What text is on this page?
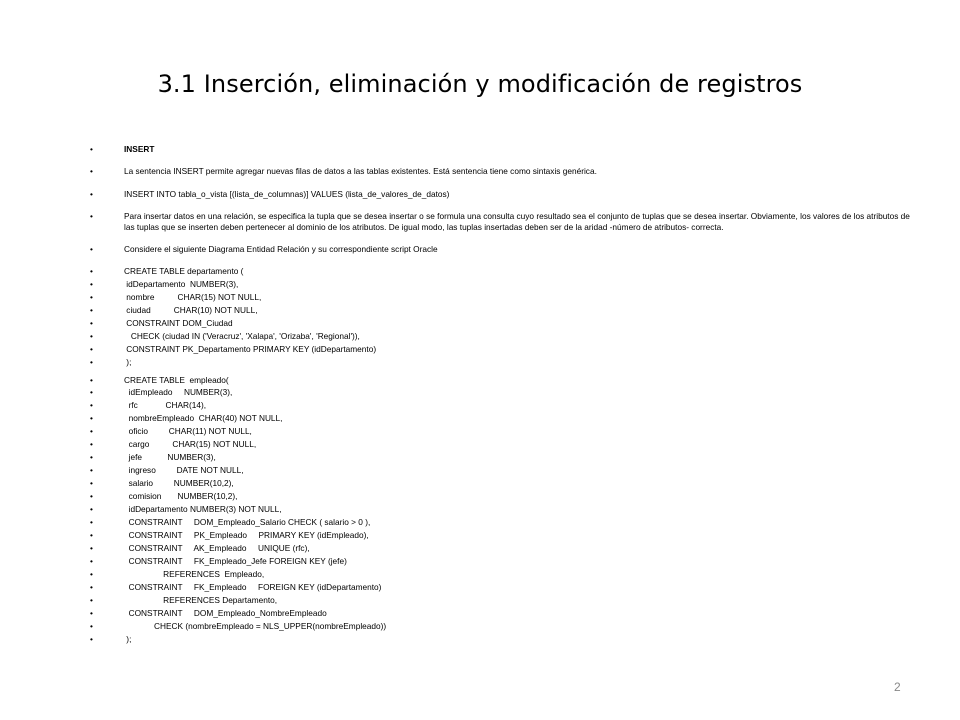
3.1 Inserción, eliminación y modificación de registros
•	INSERT
•	La sentencia INSERT permite agregar nuevas filas de datos a las tablas existentes. Está sentencia tiene como sintaxis genérica.
•	INSERT INTO tabla_o_vista [(lista_de_columnas)] VALUES (lista_de_valores_de_datos)
•	Para insertar datos en una relación, se especifica la tupla que se desea insertar o se formula una consulta cuyo resultado sea el conjunto de tuplas que se desea insertar. Obviamente, los valores de los atributos de las tuplas que se inserten deben pertenecer al dominio de los atributos. De igual modo, las tuplas insertadas deben ser de la aridad -número de atributos- correcta.
•	Considere el siguiente Diagrama Entidad Relación y su correspondiente script Oracle
•	CREATE TABLE departamento (
•	idDepartamento  NUMBER(3),
•	nombre          CHAR(15) NOT NULL,
•	ciudad          CHAR(10) NOT NULL,
•	CONSTRAINT DOM_Ciudad
•	CHECK (ciudad IN ('Veracruz', 'Xalapa', 'Orizaba', 'Regional')),
•	CONSTRAINT PK_Departamento PRIMARY KEY (idDepartamento)
•	);
•	CREATE TABLE  empleado(
•	idEmpleado     NUMBER(3),
•	rfc            CHAR(14),
•	nombreEmpleado  CHAR(40) NOT NULL,
•	oficio         CHAR(11) NOT NULL,
•	cargo          CHAR(15) NOT NULL,
•	jefe           NUMBER(3),
•	ingreso         DATE NOT NULL,
•	salario         NUMBER(10,2),
•	comision       NUMBER(10,2),
•	idDepartamento NUMBER(3) NOT NULL,
•	CONSTRAINT     DOM_Empleado_Salario CHECK ( salario > 0 ),
•	CONSTRAINT     PK_Empleado     PRIMARY KEY (idEmpleado),
•	CONSTRAINT     AK_Empleado     UNIQUE (rfc),
•	CONSTRAINT     FK_Empleado_Jefe FOREIGN KEY (jefe)
•	REFERENCES  Empleado,
•	CONSTRAINT     FK_Empleado     FOREIGN KEY (idDepartamento)
•	REFERENCES Departamento,
•	CONSTRAINT     DOM_Empleado_NombreEmpleado
•	CHECK (nombreEmpleado = NLS_UPPER(nombreEmpleado))
•	);
2
